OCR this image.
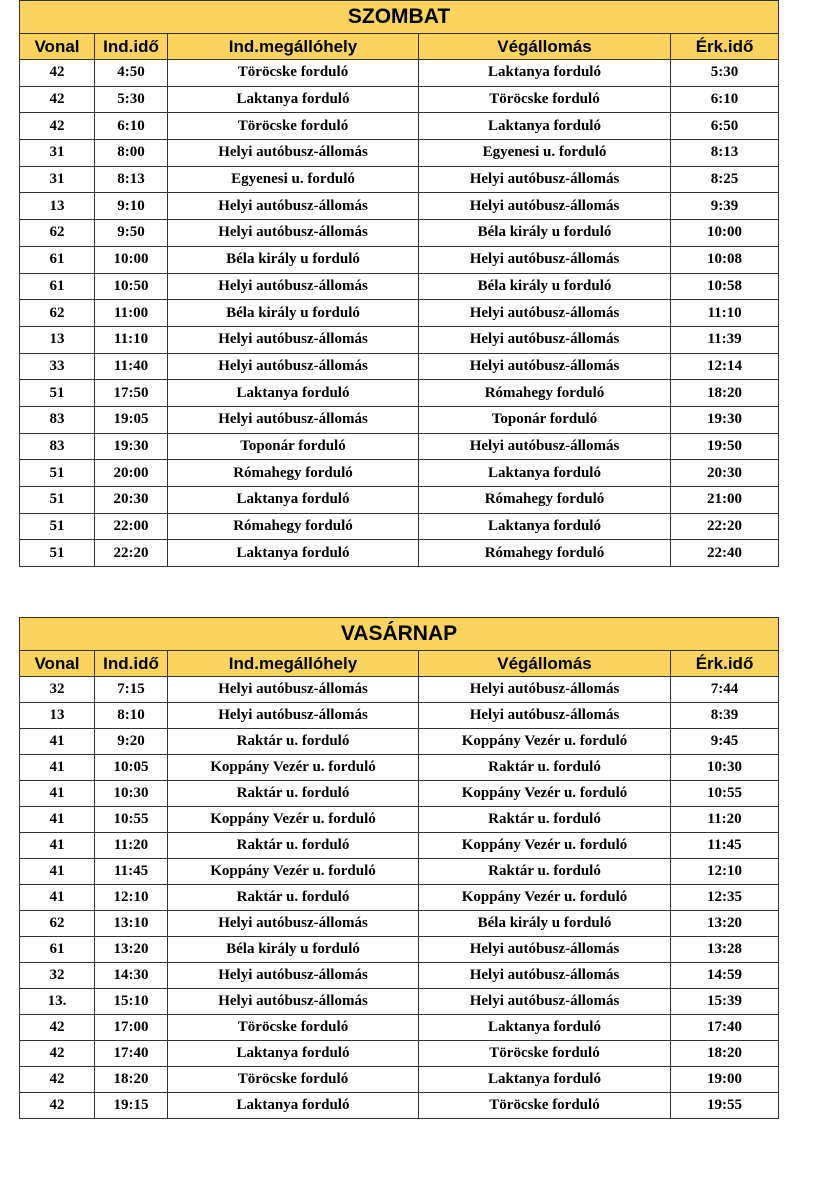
SZOMBAT				
Vonal	Ind.idő	Ind.megállóhely	Végállomás	Érk.idő
42	4:50	Töröcske forduló	Laktanya forduló	5:30
42	5:30	Laktanya forduló	Töröcske forduló	6:10
42	6:10	Töröcske forduló	Laktanya forduló	6:50
31	8:00	Helyi autóbusz-állomás	Egyenesi u. forduló	8:13
31	8:13	Egyenesi u. forduló	Helyi autóbusz-állomás	8:25
13	9:10	Helyi autóbusz-állomás	Helyi autóbusz-állomás	9:39
62	9:50	Helyi autóbusz-állomás	Béla király u forduló	10:00
61	10:00	Béla király u forduló	Helyi autóbusz-állomás	10:08
61	10:50	Helyi autóbusz-állomás	Béla király u forduló	10:58
62	11:00	Béla király u forduló	Helyi autóbusz-állomás	11:10
13	11:10	Helyi autóbusz-állomás	Helyi autóbusz-állomás	11:39
33	11:40	Helyi autóbusz-állomás	Helyi autóbusz-állomás	12:14
51	17:50	Laktanya forduló	Rómahegy forduló	18:20
83	19:05	Helyi autóbusz-állomás	Toponár forduló	19:30
83	19:30	Toponár forduló	Helyi autóbusz-állomás	19:50
51	20:00	Rómahegy forduló	Laktanya forduló	20:30
51	20:30	Laktanya forduló	Rómahegy forduló	21:00
51	22:00	Rómahegy forduló	Laktanya forduló	22:20
51	22:20	Laktanya forduló	Rómahegy forduló	22:40
VASÁRNAP				
Vonal	Ind.idő	Ind.megállóhely	Végállomás	Érk.idő
32	7:15	Helyi autóbusz-állomás	Helyi autóbusz-állomás	7:44
13	8:10	Helyi autóbusz-állomás	Helyi autóbusz-állomás	8:39
41	9:20	Raktár u. forduló	Koppány Vezér u. forduló	9:45
41	10:05	Koppány Vezér u. forduló	Raktár u. forduló	10:30
41	10:30	Raktár u. forduló	Koppány Vezér u. forduló	10:55
41	10:55	Koppány Vezér u. forduló	Raktár u. forduló	11:20
41	11:20	Raktár u. forduló	Koppány Vezér u. forduló	11:45
41	11:45	Koppány Vezér u. forduló	Raktár u. forduló	12:10
41	12:10	Raktár u. forduló	Koppány Vezér u. forduló	12:35
62	13:10	Helyi autóbusz-állomás	Béla király u forduló	13:20
61	13:20	Béla király u forduló	Helyi autóbusz-állomás	13:28
32	14:30	Helyi autóbusz-állomás	Helyi autóbusz-állomás	14:59
13.	15:10	Helyi autóbusz-állomás	Helyi autóbusz-állomás	15:39
42	17:00	Töröcske forduló	Laktanya forduló	17:40
42	17:40	Laktanya forduló	Töröcske forduló	18:20
42	18:20	Töröcske forduló	Laktanya forduló	19:00
42	19:15	Laktanya forduló	Töröcske forduló	19:55
